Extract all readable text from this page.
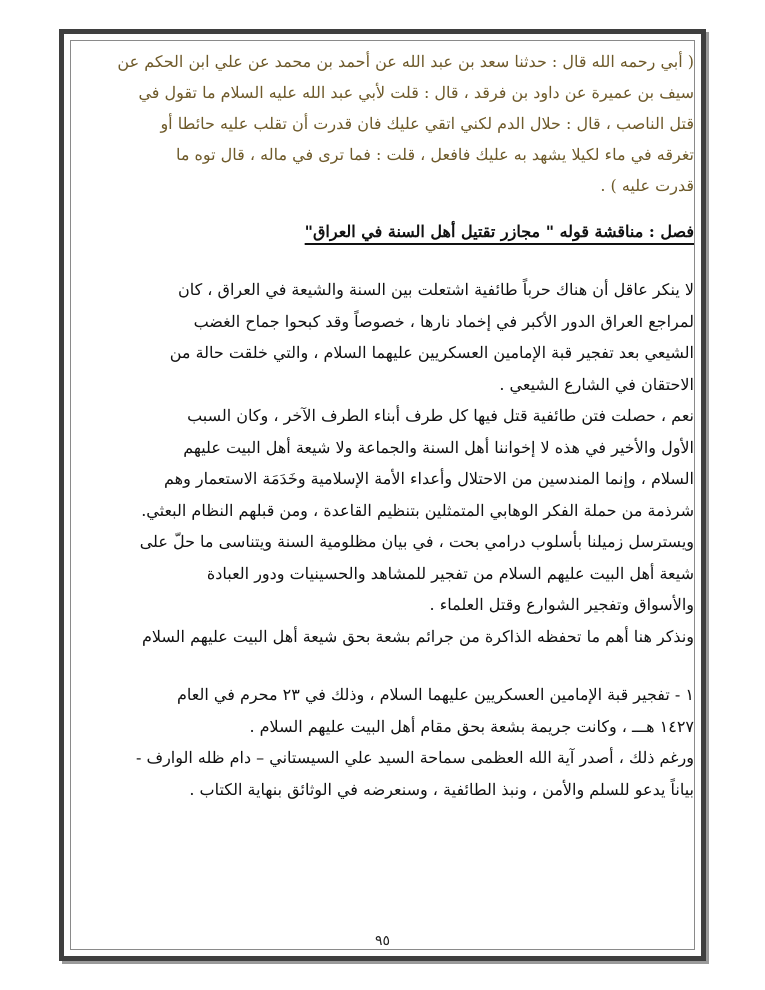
( أبي رحمه الله قال : حدثنا سعد بن عبد الله عن أحمد بن محمد عن علي ابن الحكم عن

سيف بن عميرة عن داود بن فرقد ، قال : قلت لأبي عبد الله عليه السلام ما تقول في

قتل الناصب ، قال : حلال الدم لكني اتقي عليك فان قدرت أن تقلب عليه حائطا أو

تغرقه في ماء لكيلا يشهد به عليك فافعل ، قلت : فما ترى في ماله ، قال توه ما

قدرت عليه ) .

فصل : مناقشة قوله " مجازر تقتيل أهل السنة في العراق"

لا ينكر عاقل أن هناك حرباً طائفية اشتعلت بين السنة والشيعة في العراق ، كان

لمراجع العراق الدور الأكبر في إخماد نارها ، خصوصاً وقد كبحوا جماح الغضب

الشيعي بعد تفجير قبة الإمامين العسكريين عليهما السلام ، والتي خلقت حالة من

الاحتقان في الشارع الشيعي .

نعم ، حصلت فتن طائفية قتل فيها كل طرف أبناء الطرف الآخر ، وكان السبب

الأول والأخير في هذه لا إخواننا أهل السنة والجماعة ولا شيعة أهل البيت عليهم

السلام ، وإنما المندسين من الاحتلال وأعداء الأمة الإسلامية وخَدَمَة الاستعمار وهم

شرذمة من حملة الفكر الوهابي المتمثلين بتنظيم القاعدة ، ومن قبلهم النظام البعثي.

ويسترسل زميلنا بأسلوب درامي بحت ، في بيان مظلومية السنة ويتناسى ما حلّ على

شيعة أهل البيت عليهم السلام من تفجير للمشاهد والحسينيات ودور العبادة

والأسواق وتفجير الشوارع وقتل العلماء .

ونذكر هنا أهم ما تحفظه الذاكرة من جرائم بشعة بحق شيعة أهل البيت عليهم السلام

١ - تفجير قبة الإمامين العسكريين عليهما السلام ، وذلك في ٢٣ محرم في العام

١٤٢٧ هـــ ، وكانت جريمة بشعة بحق مقام أهل البيت عليهم السلام .

ورغم ذلك ، أصدر آية الله العظمى سماحة السيد علي السيستاني – دام ظله الوارف -

بياناً يدعو للسلم والأمن ، ونبذ الطائفية ، وسنعرضه في الوثائق بنهاية الكتاب .

٩٥
